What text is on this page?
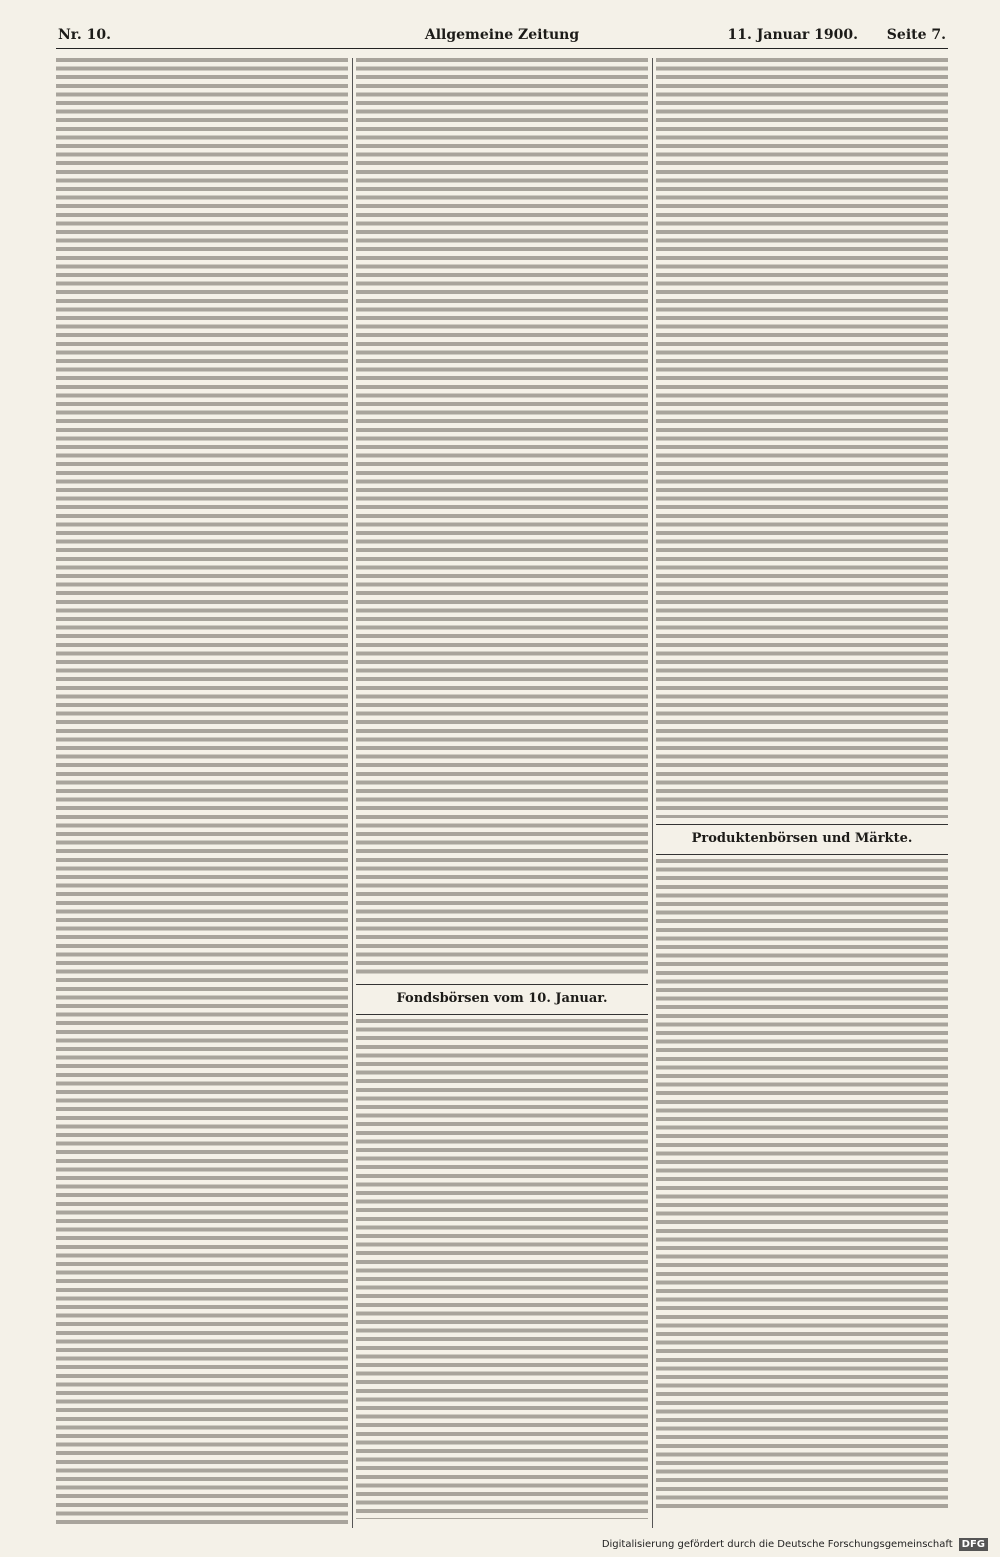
Nr. 10.	Allgemeine Zeitung	Seite 7.
11. Januar 1900.
Fondsbörsen vom 10. Januar.
Produktenbörsen und Märkte.
Digitalisierung gefördert durch die Deutsche Forschungsgemeinschaft DFG
